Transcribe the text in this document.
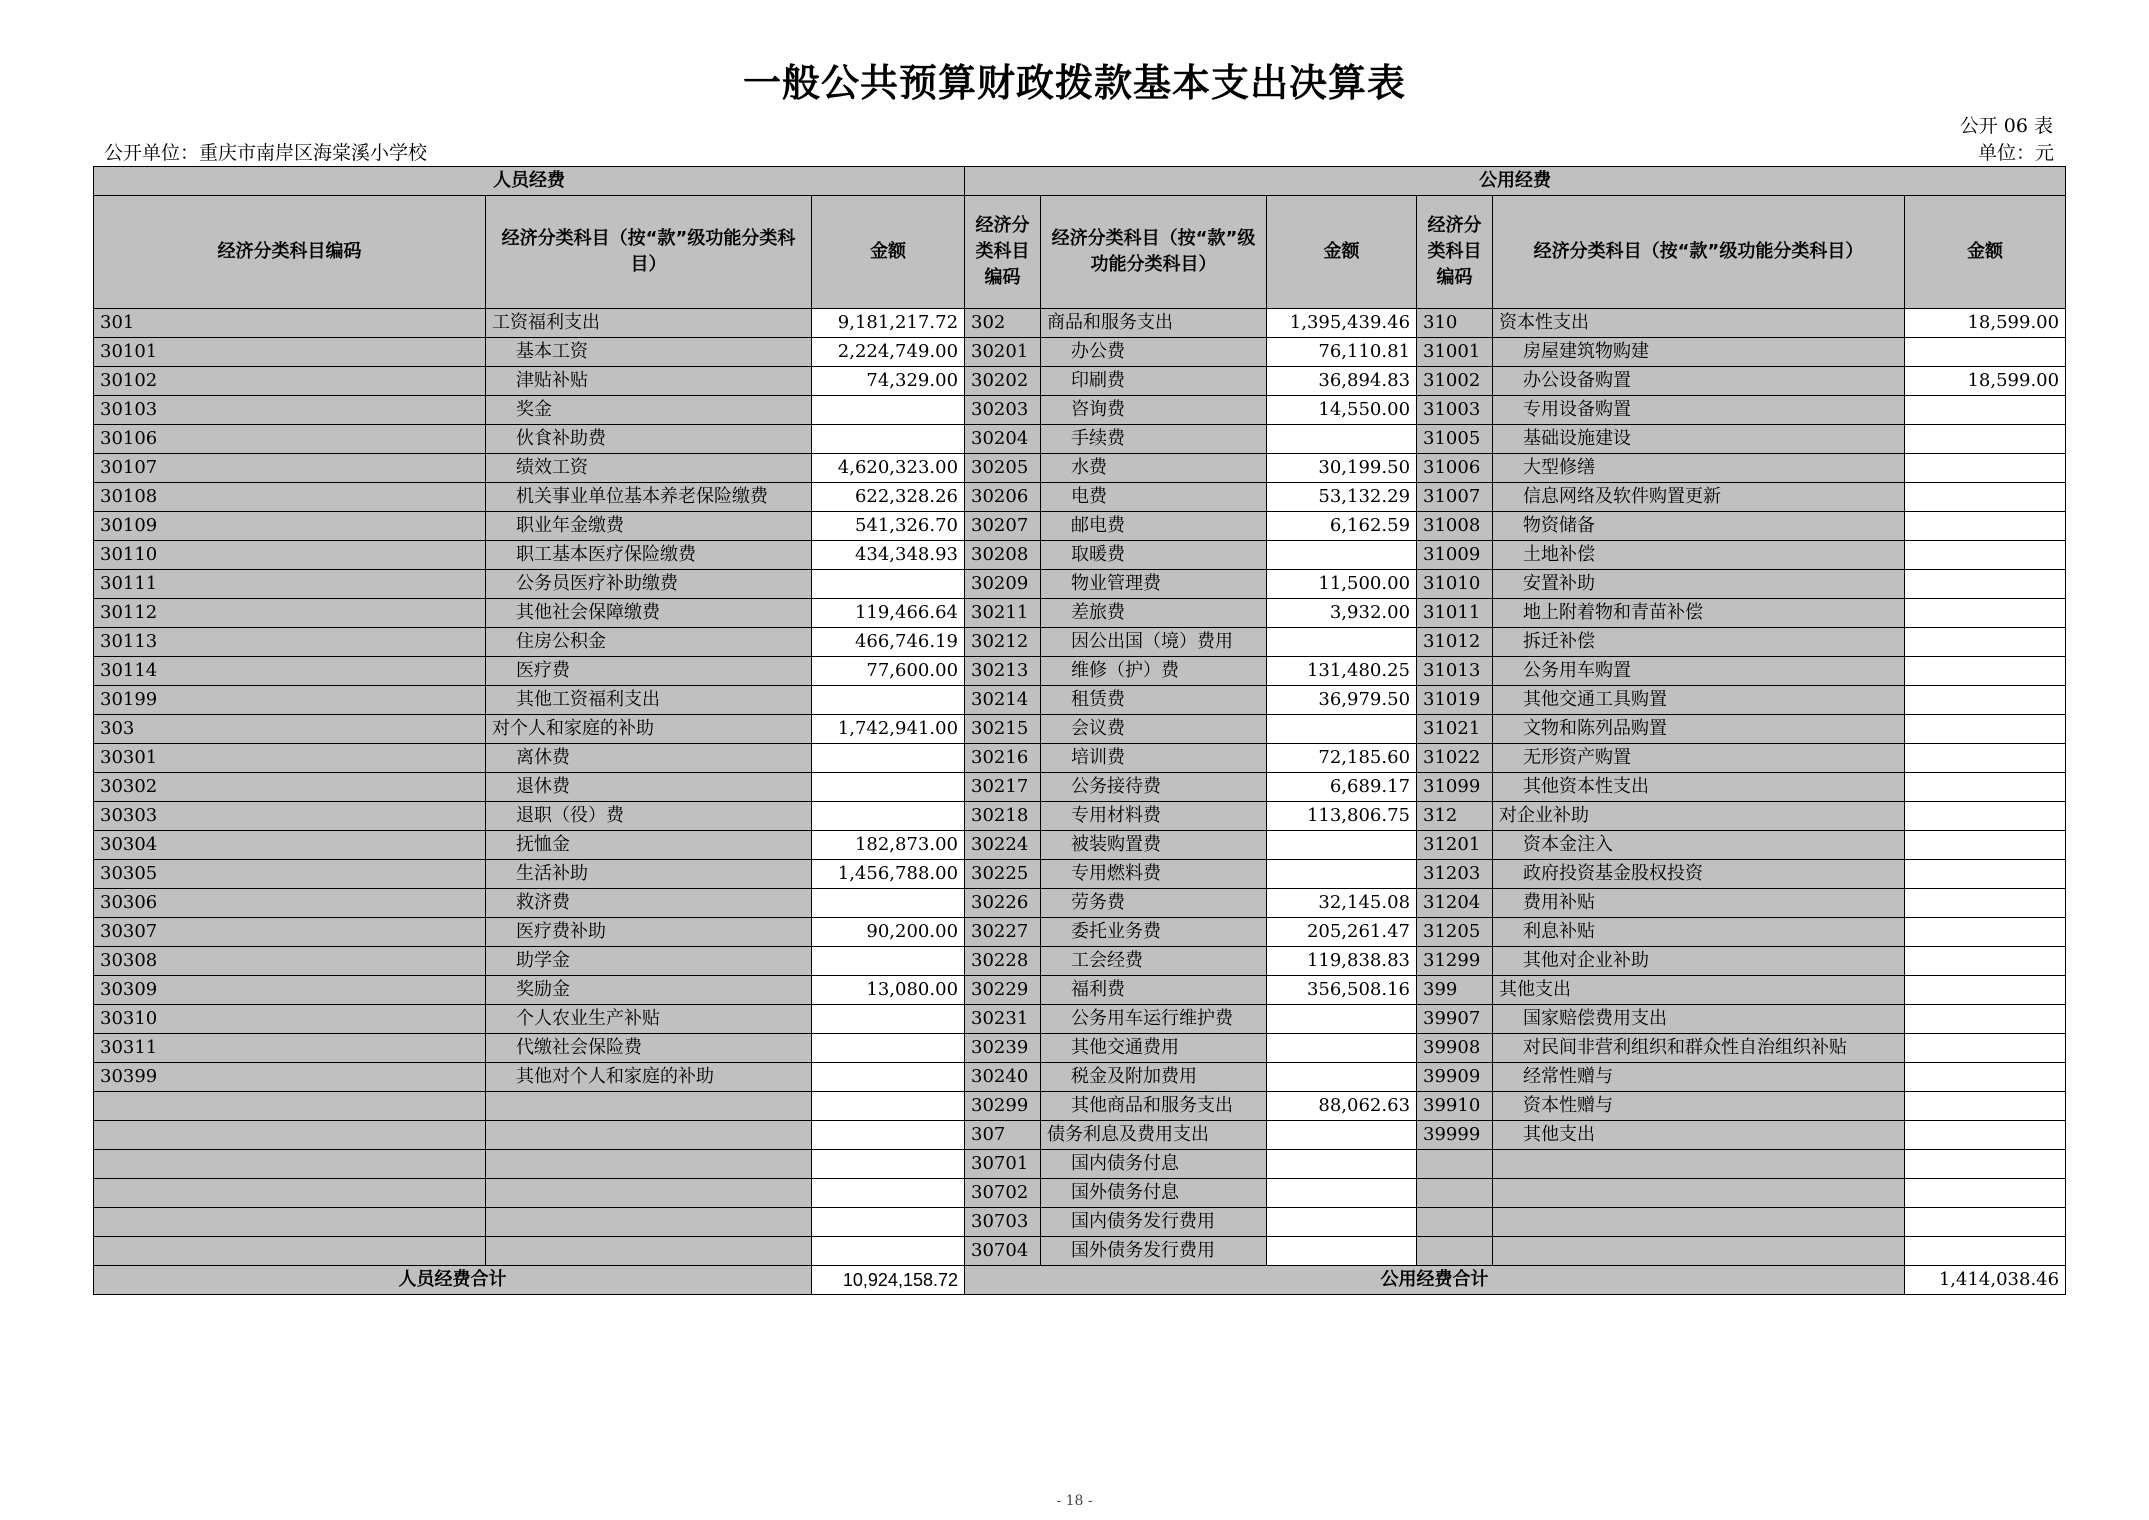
一般公共预算财政拨款基本支出决算表
公开 06 表
公开单位：重庆市南岸区海棠溪小学校	单位：元
人员经费			公用经费					
经济分类科目编码	经济分类科目（按“款”级功能分类科目）	金额	经济分类科目编码	经济分类科目（按“款”级功能分类科目）	金额	经济分类科目编码	经济分类科目（按“款”级功能分类科目）	金额
301	工资福利支出	9,181,217.72	302	商品和服务支出	1,395,439.46	310	资本性支出	18,599.00
30101	基本工资	2,224,749.00	30201	办公费	76,110.81	31001	房屋建筑物购建	
30102	津贴补贴	74,329.00	30202	印刷费	36,894.83	31002	办公设备购置	18,599.00
30103	奖金		30203	咨询费	14,550.00	31003	专用设备购置	
30106	伙食补助费		30204	手续费		31005	基础设施建设	
30107	绩效工资	4,620,323.00	30205	水费	30,199.50	31006	大型修缮	
30108	机关事业单位基本养老保险缴费	622,328.26	30206	电费	53,132.29	31007	信息网络及软件购置更新	
30109	职业年金缴费	541,326.70	30207	邮电费	6,162.59	31008	物资储备	
30110	职工基本医疗保险缴费	434,348.93	30208	取暖费		31009	土地补偿	
30111	公务员医疗补助缴费		30209	物业管理费	11,500.00	31010	安置补助	
30112	其他社会保障缴费	119,466.64	30211	差旅费	3,932.00	31011	地上附着物和青苗补偿	
30113	住房公积金	466,746.19	30212	因公出国（境）费用		31012	拆迁补偿	
30114	医疗费	77,600.00	30213	维修（护）费	131,480.25	31013	公务用车购置	
30199	其他工资福利支出		30214	租赁费	36,979.50	31019	其他交通工具购置	
303	对个人和家庭的补助	1,742,941.00	30215	会议费		31021	文物和陈列品购置	
30301	离休费		30216	培训费	72,185.60	31022	无形资产购置	
30302	退休费		30217	公务接待费	6,689.17	31099	其他资本性支出	
30303	退职（役）费		30218	专用材料费	113,806.75	312	对企业补助	
30304	抚恤金	182,873.00	30224	被装购置费		31201	资本金注入	
30305	生活补助	1,456,788.00	30225	专用燃料费		31203	政府投资基金股权投资	
30306	救济费		30226	劳务费	32,145.08	31204	费用补贴	
30307	医疗费补助	90,200.00	30227	委托业务费	205,261.47	31205	利息补贴	
30308	助学金		30228	工会经费	119,838.83	31299	其他对企业补助	
30309	奖励金	13,080.00	30229	福利费	356,508.16	399	其他支出	
30310	个人农业生产补贴		30231	公务用车运行维护费		39907	国家赔偿费用支出	
30311	代缴社会保险费		30239	其他交通费用		39908	对民间非营利组织和群众性自治组织补贴	
30399	其他对个人和家庭的补助		30240	税金及附加费用		39909	经常性赠与	
			30299	其他商品和服务支出	88,062.63	39910	资本性赠与	
			307	债务利息及费用支出		39999	其他支出	
			30701	国内债务付息				
			30702	国外债务付息				
			30703	国内债务发行费用				
			30704	国外债务发行费用				
人员经费合计		10,924,158.72	公用经费合计					1,414,038.46
- 18 -
